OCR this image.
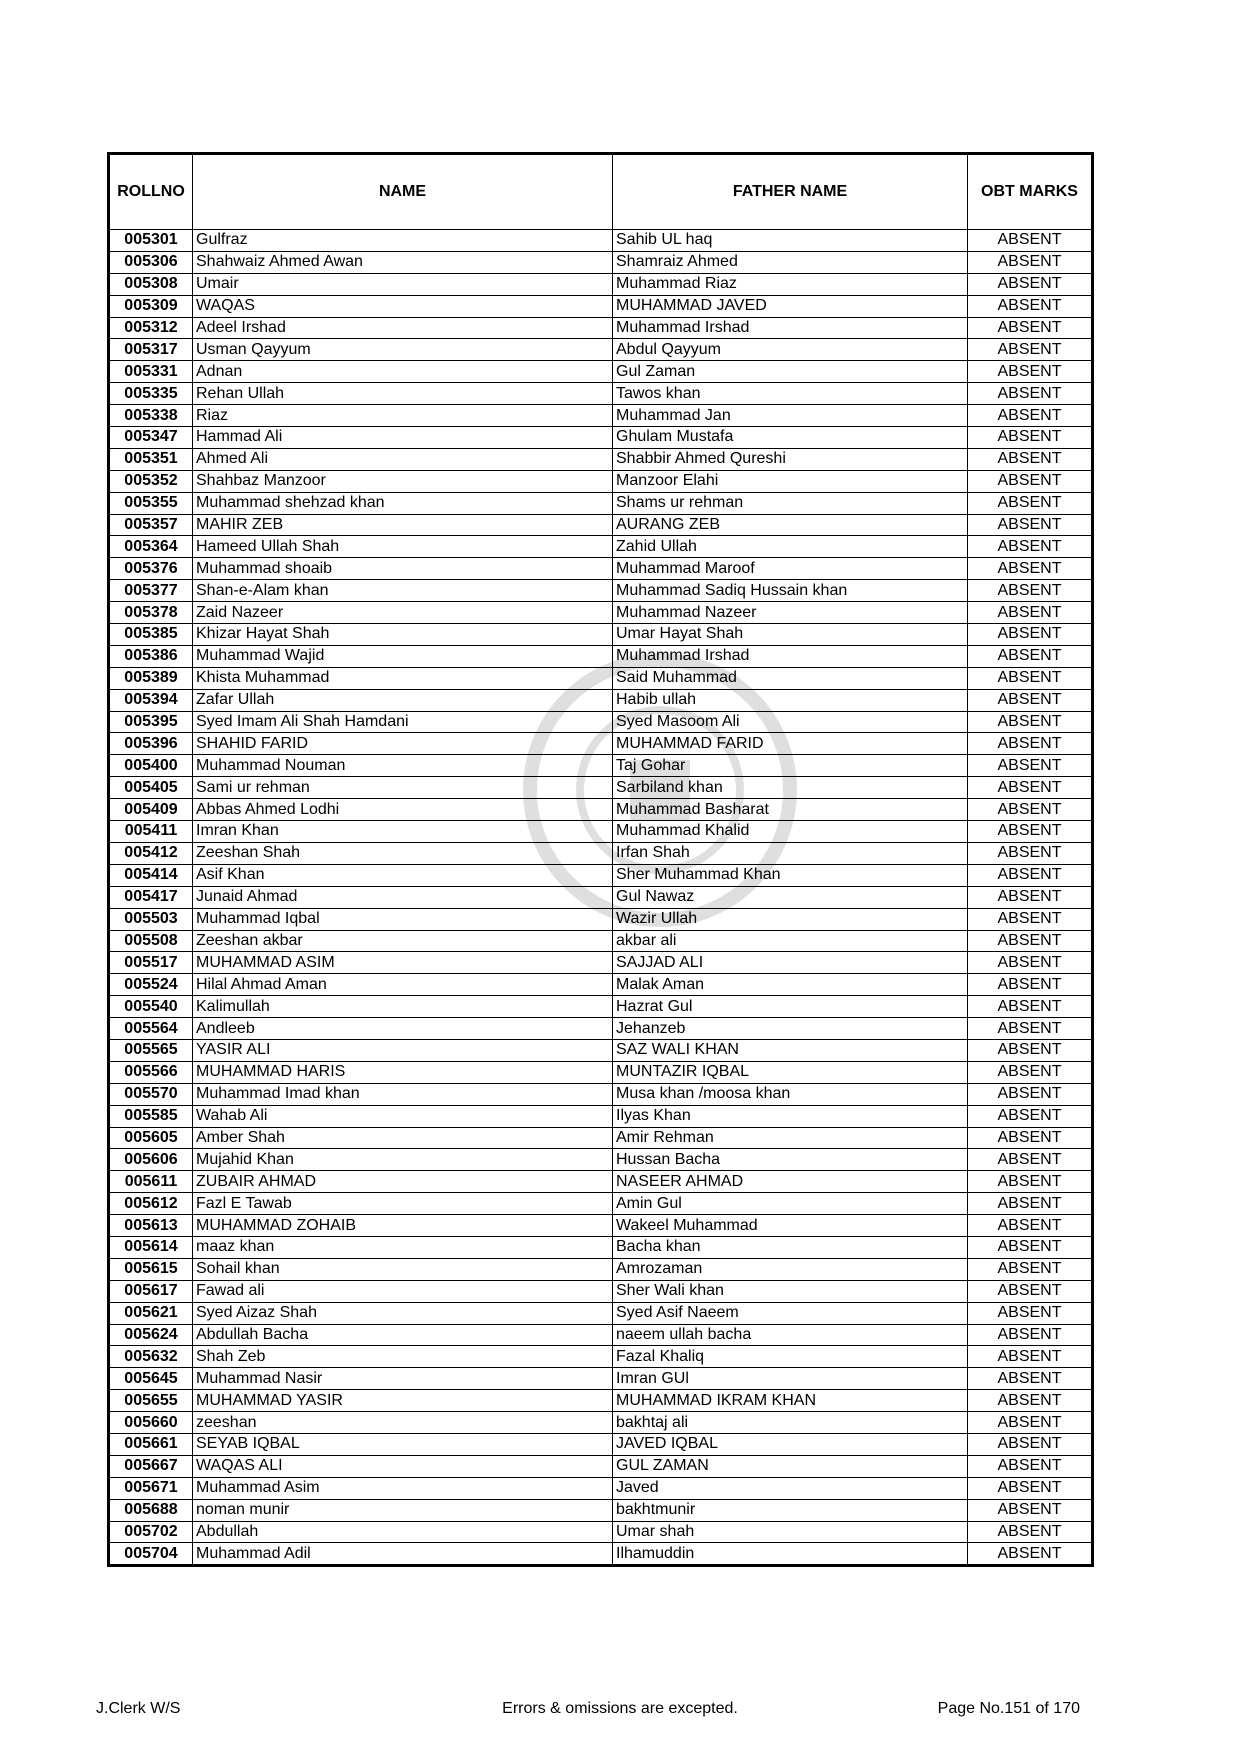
ROLLNO	NAME	FATHER NAME	OBT MARKS
005301	Gulfraz	Sahib UL haq	ABSENT
005306	Shahwaiz Ahmed Awan	Shamraiz Ahmed	ABSENT
005308	Umair	Muhammad Riaz	ABSENT
005309	WAQAS	MUHAMMAD JAVED	ABSENT
005312	Adeel Irshad	Muhammad Irshad	ABSENT
005317	Usman Qayyum	Abdul Qayyum	ABSENT
005331	Adnan	Gul Zaman	ABSENT
005335	Rehan Ullah	Tawos khan	ABSENT
005338	Riaz	Muhammad Jan	ABSENT
005347	Hammad Ali	Ghulam Mustafa	ABSENT
005351	Ahmed Ali	Shabbir Ahmed Qureshi	ABSENT
005352	Shahbaz Manzoor	Manzoor Elahi	ABSENT
005355	Muhammad shehzad khan	Shams ur rehman	ABSENT
005357	MAHIR ZEB	AURANG ZEB	ABSENT
005364	Hameed Ullah Shah	Zahid Ullah	ABSENT
005376	Muhammad shoaib	Muhammad Maroof	ABSENT
005377	Shan-e-Alam khan	Muhammad Sadiq Hussain khan	ABSENT
005378	Zaid Nazeer	Muhammad Nazeer	ABSENT
005385	Khizar Hayat Shah	Umar Hayat Shah	ABSENT
005386	Muhammad Wajid	Muhammad Irshad	ABSENT
005389	Khista Muhammad	Said Muhammad	ABSENT
005394	Zafar Ullah	Habib ullah	ABSENT
005395	Syed Imam Ali Shah Hamdani	Syed Masoom Ali	ABSENT
005396	SHAHID FARID	MUHAMMAD FARID	ABSENT
005400	Muhammad Nouman	Taj Gohar	ABSENT
005405	Sami ur rehman	Sarbiland khan	ABSENT
005409	Abbas Ahmed Lodhi	Muhammad Basharat	ABSENT
005411	Imran Khan	Muhammad Khalid	ABSENT
005412	Zeeshan Shah	Irfan Shah	ABSENT
005414	Asif Khan	Sher Muhammad Khan	ABSENT
005417	Junaid Ahmad	Gul Nawaz	ABSENT
005503	Muhammad Iqbal	Wazir Ullah	ABSENT
005508	Zeeshan akbar	akbar ali	ABSENT
005517	MUHAMMAD ASIM	SAJJAD ALI	ABSENT
005524	Hilal Ahmad Aman	Malak Aman	ABSENT
005540	Kalimullah	Hazrat Gul	ABSENT
005564	Andleeb	Jehanzeb	ABSENT
005565	YASIR ALI	SAZ WALI KHAN	ABSENT
005566	MUHAMMAD HARIS	MUNTAZIR IQBAL	ABSENT
005570	Muhammad Imad khan	Musa khan /moosa khan	ABSENT
005585	Wahab Ali	Ilyas Khan	ABSENT
005605	Amber Shah	Amir Rehman	ABSENT
005606	Mujahid Khan	Hussan Bacha	ABSENT
005611	ZUBAIR AHMAD	NASEER AHMAD	ABSENT
005612	Fazl E Tawab	Amin Gul	ABSENT
005613	MUHAMMAD ZOHAIB	Wakeel Muhammad	ABSENT
005614	maaz khan	Bacha khan	ABSENT
005615	Sohail khan	Amrozaman	ABSENT
005617	Fawad ali	Sher Wali khan	ABSENT
005621	Syed Aizaz Shah	Syed Asif Naeem	ABSENT
005624	Abdullah Bacha	naeem ullah bacha	ABSENT
005632	Shah Zeb	Fazal Khaliq	ABSENT
005645	Muhammad Nasir	Imran GUl	ABSENT
005655	MUHAMMAD YASIR	MUHAMMAD IKRAM KHAN	ABSENT
005660	zeeshan	bakhtaj ali	ABSENT
005661	SEYAB IQBAL	JAVED IQBAL	ABSENT
005667	WAQAS ALI	GUL ZAMAN	ABSENT
005671	Muhammad Asim	Javed	ABSENT
005688	noman munir	bakhtmunir	ABSENT
005702	Abdullah	Umar shah	ABSENT
005704	Muhammad Adil	Ilhamuddin	ABSENT
J.Clerk W/S	Errors & omissions are excepted.	Page No.151 of 170
